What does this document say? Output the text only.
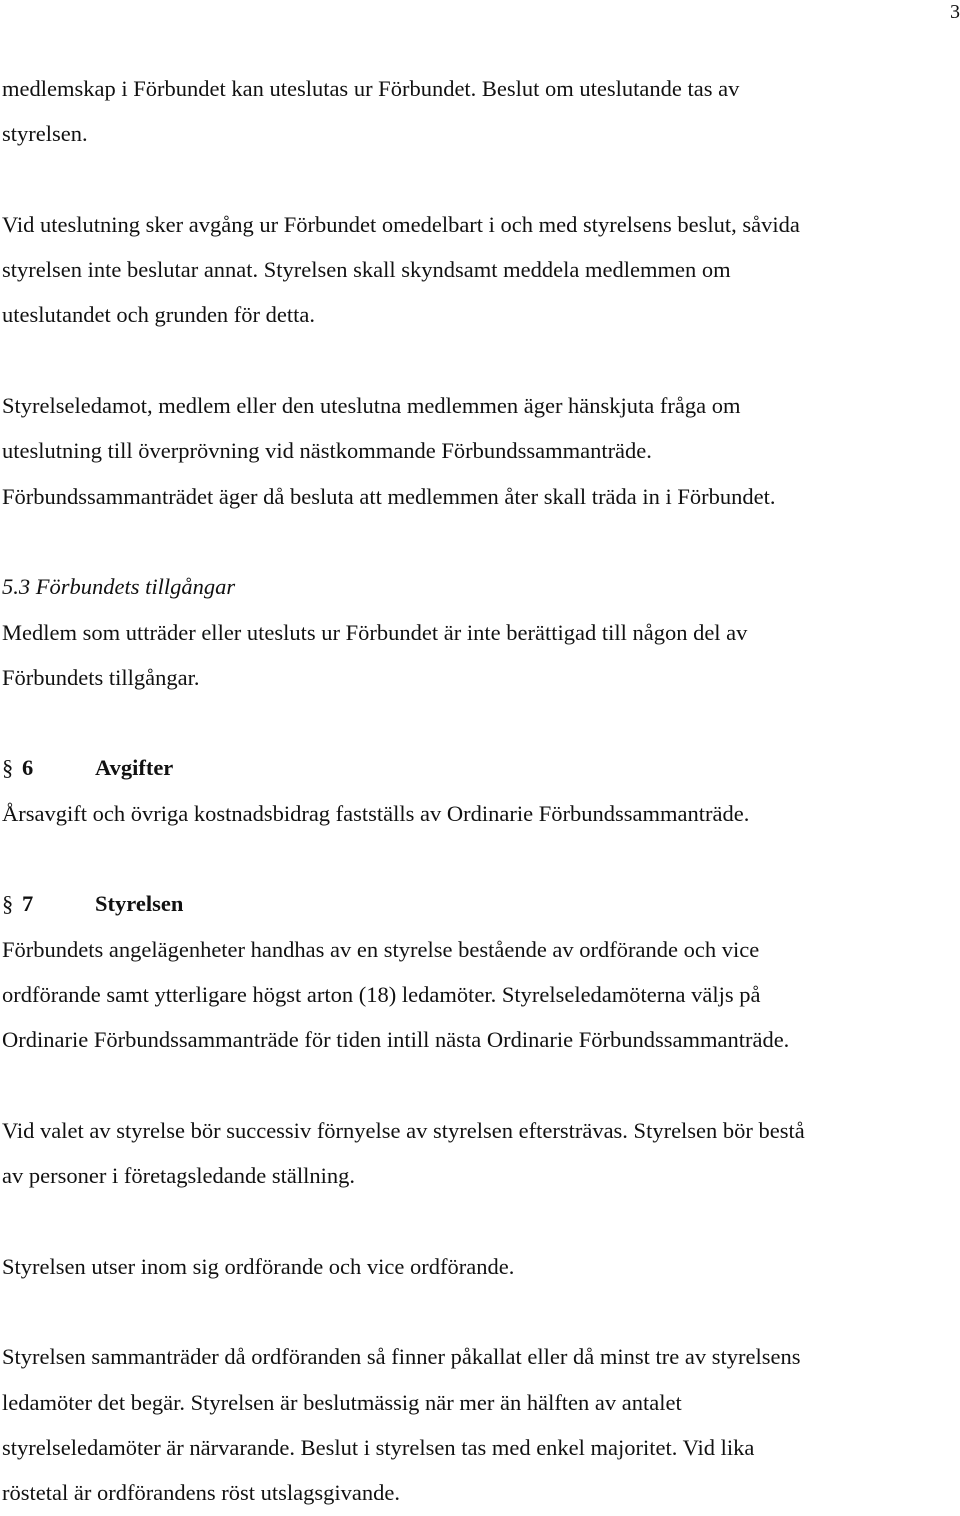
3

medlemskap i Förbundet kan uteslutas ur Förbundet. Beslut om uteslutande tas av
styrelsen.

Vid uteslutning sker avgång ur Förbundet omedelbart i och med styrelsens beslut, såvida
styrelsen inte beslutar annat. Styrelsen skall skyndsamt meddela medlemmen om
uteslutandet och grunden för detta.

Styrelseledamot, medlem eller den uteslutna medlemmen äger hänskjuta fråga om
uteslutning till överprövning vid nästkommande Förbundssammanträde.
Förbundssammanträdet äger då besluta att medlemmen åter skall träda in i Förbundet.

5.3 Förbundets tillgångar

Medlem som utträder eller utesluts ur Förbundet är inte berättigad till någon del av
Förbundets tillgångar.

§ 6	Avgifter

Årsavgift och övriga kostnadsbidrag fastställs av Ordinarie Förbundssammanträde.

§ 7	Styrelsen

Förbundets angelägenheter handhas av en styrelse bestående av ordförande och vice
ordförande samt ytterligare högst arton (18) ledamöter. Styrelseledamöterna väljs på
Ordinarie Förbundssammanträde för tiden intill nästa Ordinarie Förbundssammanträde.

Vid valet av styrelse bör successiv förnyelse av styrelsen eftersträvas. Styrelsen bör bestå
av personer i företagsledande ställning.

Styrelsen utser inom sig ordförande och vice ordförande.

Styrelsen sammanträder då ordföranden så finner påkallat eller då minst tre av styrelsens
ledamöter det begär. Styrelsen är beslutmässig när mer än hälften av antalet
styrelseledamöter är närvarande. Beslut i styrelsen tas med enkel majoritet. Vid lika
röstetal är ordförandens röst utslagsgivande.
